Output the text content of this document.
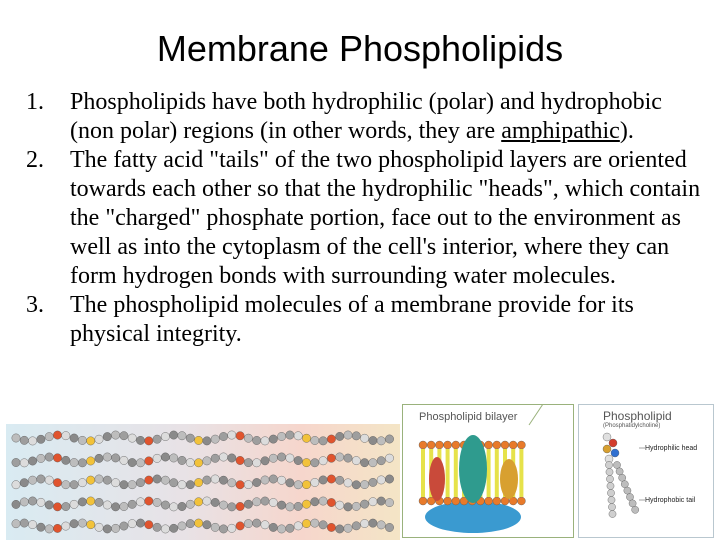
Membrane Phospholipids
1. Phospholipids have both hydrophilic (polar) and hydrophobic (non polar) regions (in other words, they are amphipathic).
2. The fatty acid "tails" of the two phospholipid layers are oriented towards each other so that the hydrophilic "heads", which contain the "charged" phosphate portion, face out to the environment as well as into the cytoplasm of the cell's interior, where they can form hydrogen bonds with surrounding water molecules.
3. The phospholipid molecules of a membrane provide for its physical integrity.
Phospholipid bilayer	Phospholipid
(Phosphatidylcholine)
Hydrophilic head
Hydrophobic tail
